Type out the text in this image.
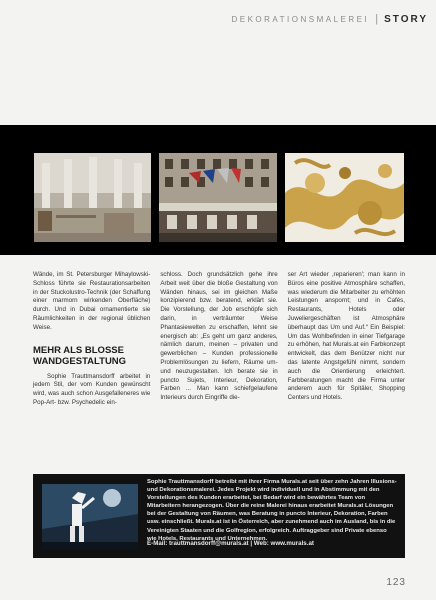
DEKORATIONSMALEREI | STORY

Wände, im St. Petersburger Mihaylowski-Schloss führte sie Restaurationsarbeiten in der Stuckolustro-Technik (der Schaffung einer marmorn wirkenden Oberfläche) durch. Und in Dubai ornamentierte sie Räumlichkeiten in der regional üblichen Weise.

MEHR ALS BLOSSE WANDGESTALTUNG

Sophie Trauttmansdorff arbeitet in jedem Stil, der vom Kunden gewünscht wird, was auch schon Ausgefalleneres wie Pop-Art- bzw. Psychedelic ein-

schloss. Doch grundsätzlich gehe ihre Arbeit weit über die bloße Gestaltung von Wänden hinaus, sei im gleichen Maße konzipierend bzw. beratend, erklärt sie. Die Vorstellung, der Job erschöpfe sich darin, in verträumter Weise Phantasiewelten zu erschaffen, lehnt sie energisch ab: „Es geht um ganz anderes, nämlich darum, meinen – privaten und gewerblichen – Kunden professionelle Problemlösungen zu liefern, Räume um- und neuzugestalten. Ich berate sie in puncto Sujets, Interieur, Dekoration, Farben ... Man kann schiefgelaufene Interieurs durch Eingriffe die-

ser Art wieder ‚reparieren'; man kann in Büros eine positive Atmosphäre schaffen, was wiederum die Mitarbeiter zu erhöhten Leistungen anspornt; und in Cafés, Restaurants, Hotels oder Juweliergeschäften ist Atmosphäre überhaupt das Um und Auf.“ Ein Beispiel: Um das Wohlbefinden in einer Tiefgarage zu erhöhen, hat Murals.at ein Farbkonzept entwickelt, das dem Benützer nicht nur das latente Angstgefühl nimmt, sondern auch die Orientierung erleichtert. Farbberatungen macht die Firma unter anderem auch für Spitäler, Shopping Centers und Hotels.

Sophie Trauttmansdorff betreibt mit ihrer Firma Murals.at seit über zehn Jahren Illusions- und Dekorationsmalerei. Jedes Projekt wird individuell und in Abstimmung mit den Vorstellungen des Kunden erarbeitet, bei Bedarf wird ein bewährtes Team von Mitarbeitern herangezogen. Über die reine Malerei hinaus erarbeitet Murals.at Lösungen bei der Gestaltung von Räumen, was Beratung in puncto Interieur, Dekoration, Farben usw. einschließt. Murals.at ist in Österreich, aber zunehmend auch im Ausland, bis in die Vereinigten Staaten und die Golfregion, erfolgreich. Auftraggeber sind Private ebenso wie Hotels, Restaurants und Unternehmen.

E-Mail: trauttmansdorff@murals.at | Web: www.murals.at

123
